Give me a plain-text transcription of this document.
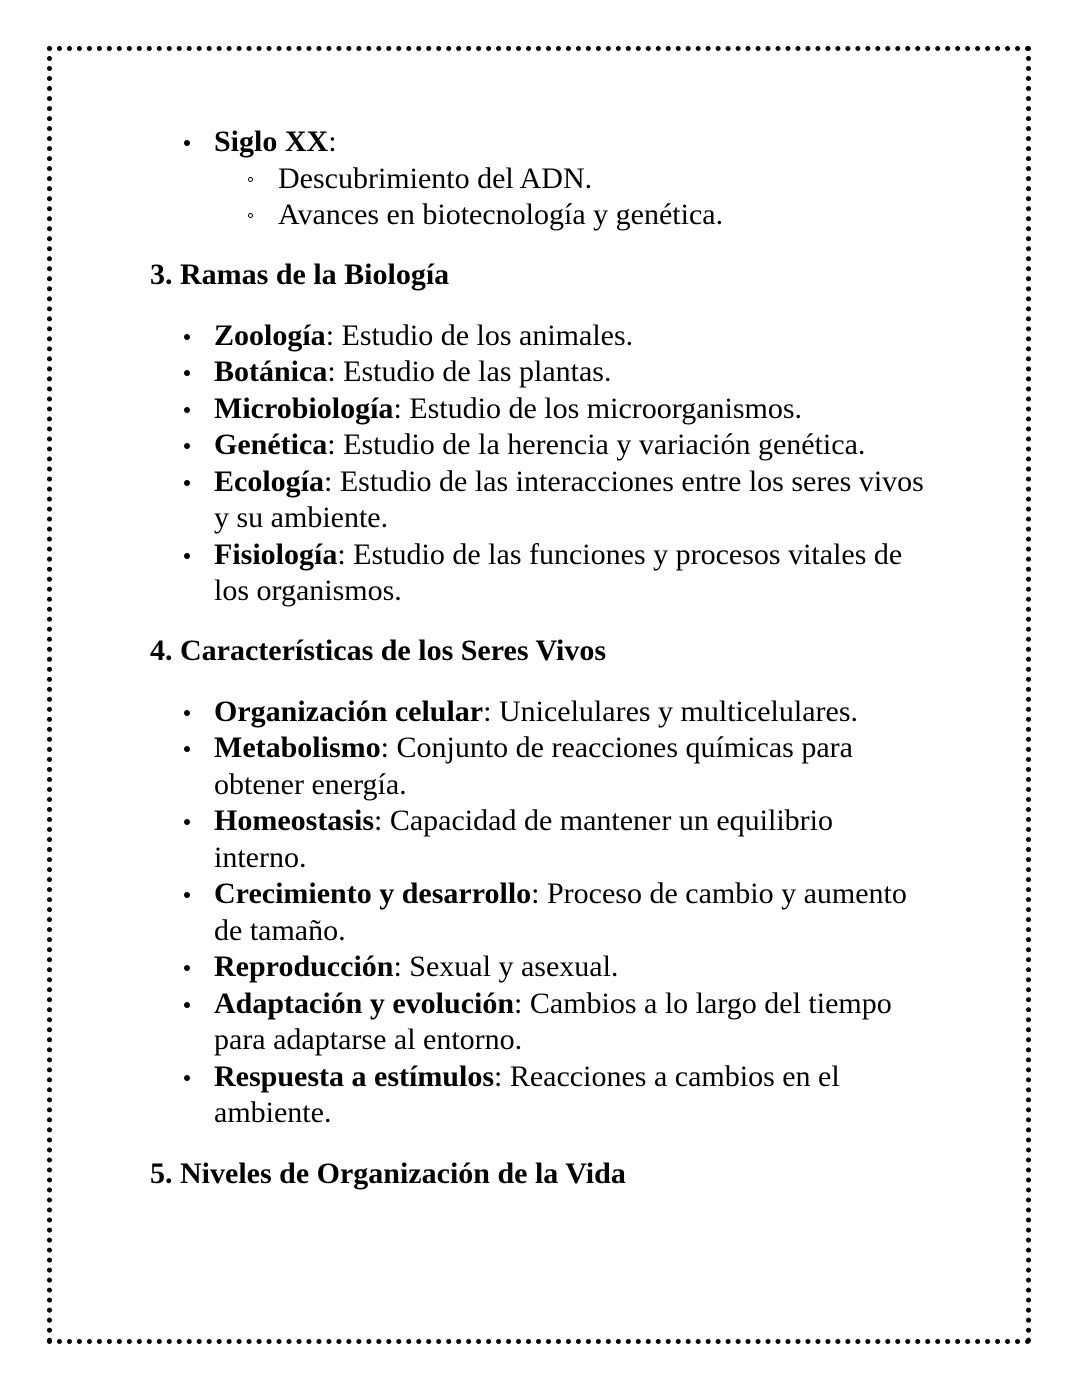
Siglo XX:
Descubrimiento del ADN.
Avances en biotecnología y genética.
3. Ramas de la Biología
Zoología: Estudio de los animales.
Botánica: Estudio de las plantas.
Microbiología: Estudio de los microorganismos.
Genética: Estudio de la herencia y variación genética.
Ecología: Estudio de las interacciones entre los seres vivos y su ambiente.
Fisiología: Estudio de las funciones y procesos vitales de los organismos.
4. Características de los Seres Vivos
Organización celular: Unicelulares y multicelulares.
Metabolismo: Conjunto de reacciones químicas para obtener energía.
Homeostasis: Capacidad de mantener un equilibrio interno.
Crecimiento y desarrollo: Proceso de cambio y aumento de tamaño.
Reproducción: Sexual y asexual.
Adaptación y evolución: Cambios a lo largo del tiempo para adaptarse al entorno.
Respuesta a estímulos: Reacciones a cambios en el ambiente.
5. Niveles de Organización de la Vida
